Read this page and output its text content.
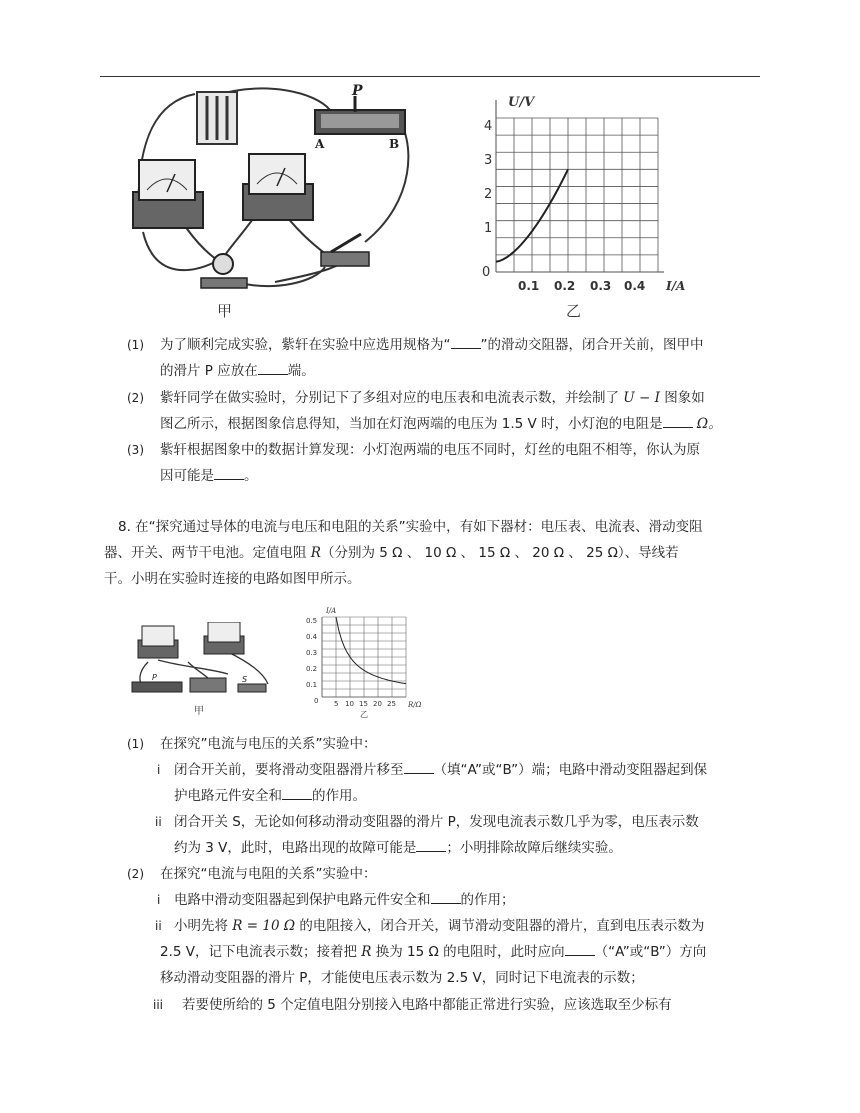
P
A	B
甲
U/V
I/A
1
2
3
4
0
0.1 0.2 0.3 0.4
乙
(1) 为了顺利完成实验，紫轩在实验中应选用规格为“ ”的滑动交阻器，闭合开关前，图甲中
的滑片 P 应放在 端。
(2) 紫轩同学在做实验时，分别记下了多组对应的电压表和电流表示数，并绘制了 U − I 图象如
图乙所示，根据图象信息得知，当加在灯泡两端的电压为 1.5 V 时，小灯泡的电阻是	Ω。
(3) 紫轩根据图象中的数据计算发现：小灯泡两端的电压不同时，灯丝的电阻不相等，你认为原
因可能是 。
8. 在“探究通过导体的电流与电压和电阻的关系”实验中，有如下器材：电压表、电流表、滑动变阻
器、开关、两节干电池。定值电阻 R（分别为 5 Ω 、 10 Ω 、 15 Ω 、 20 Ω 、 25 Ω）、导线若
干。小明在实验时连接的电路如图甲所示。
P	S
甲
I/A
R/Ω
0.5
0.4
0.3
0.2
0.1
0 5 10 15 20 25
乙
(1) 在探究”电流与电压的关系”实验中：
i 闭合开关前，要将滑动变阻器滑片移至 （填“A”或“B”）端；电路中滑动变阻器起到保
护电路元件安全和 的作用。
ii 闭合开关 S，无论如何移动滑动变阻器的滑片 P，发现电流表示数几乎为零，电压表示数
约为 3 V，此时，电路出现的故障可能是 ；小明排除故障后继续实验。
(2) 在探究“电流与电阻的关系”实验中：
i 电路中滑动变阻器起到保护电路元件安全和 的作用；
ii 小明先将 R = 10 Ω 的电阻接入，闭合开关，调节滑动变阻器的滑片，直到电压表示数为
2.5 V，记下电流表示数；接着把 R 换为 15 Ω 的电阻时，此时应向 （“A”或“B”）方向
移动滑动变阻器的滑片 P，才能使电压表示数为 2.5 V，同时记下电流表的示数；
iii 若要使所给的 5 个定值电阻分别接入电路中都能正常进行实验，应该选取至少标有
